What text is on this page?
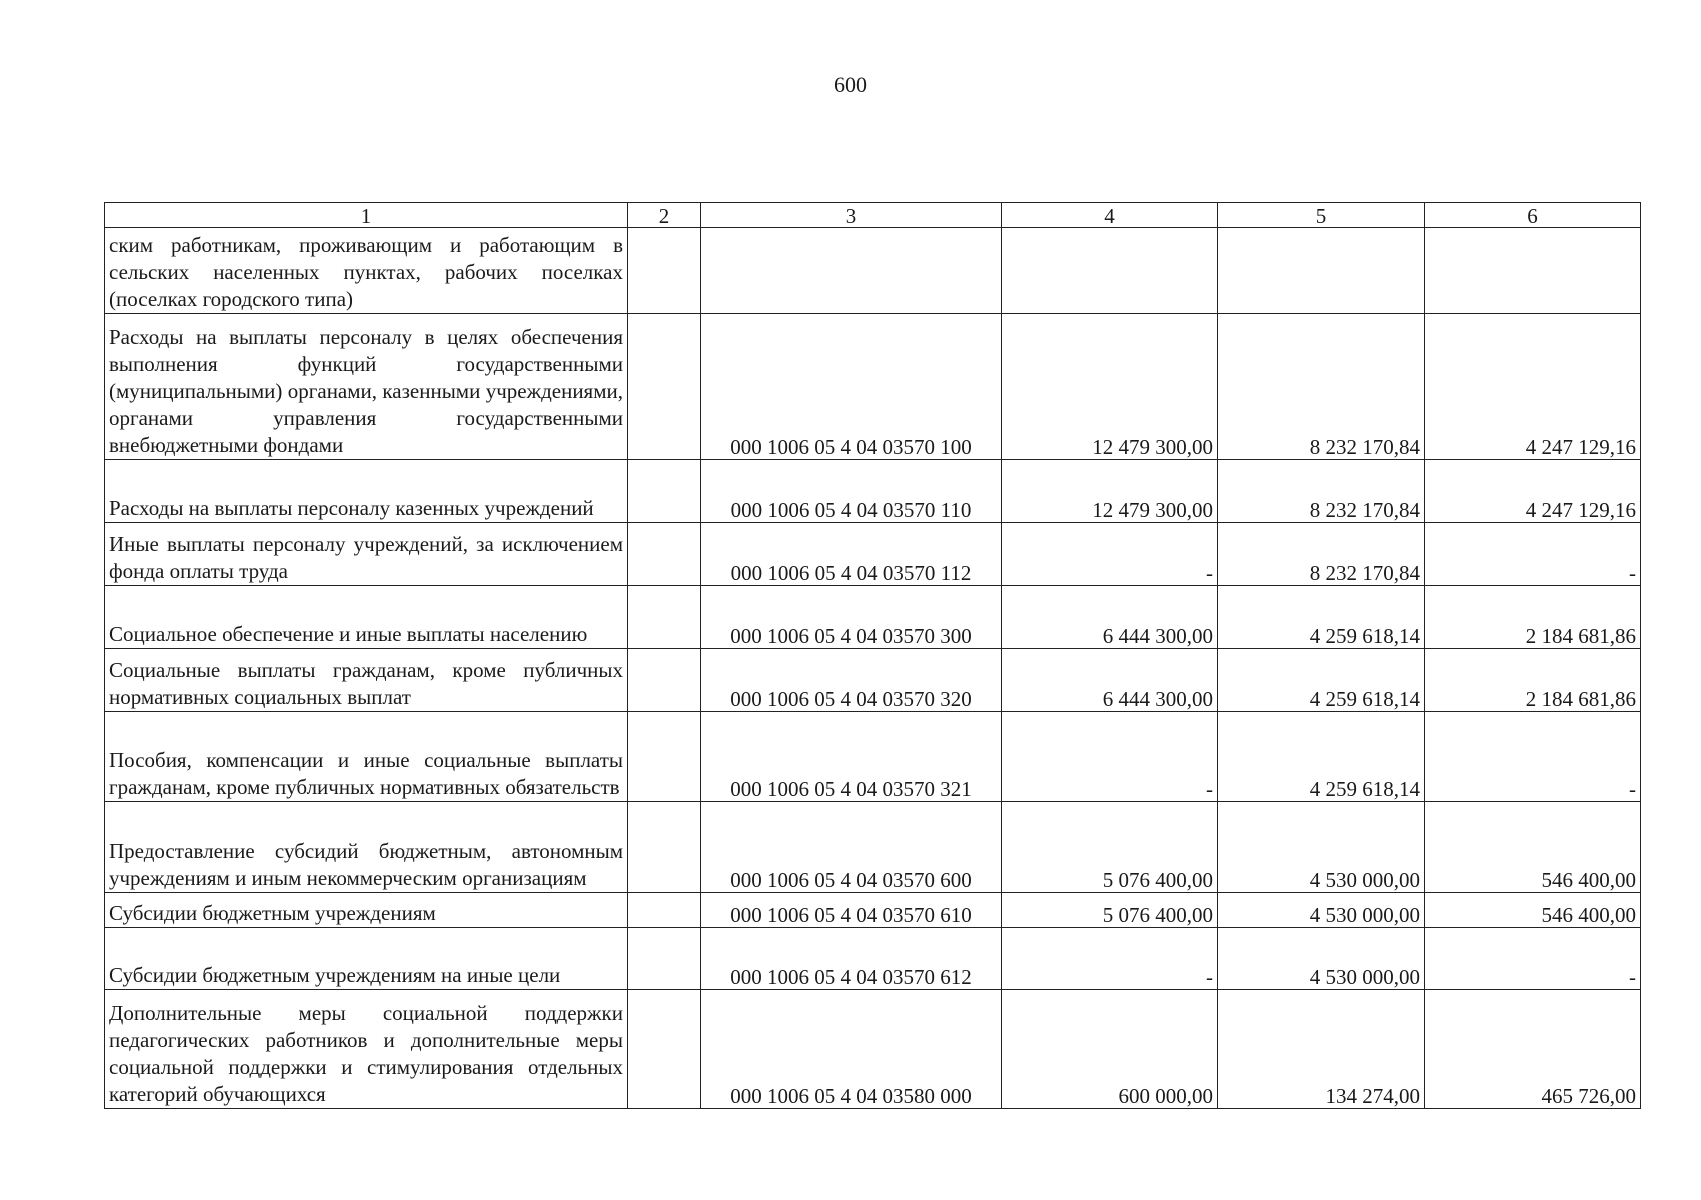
600
1	2	3	4	5	6
ским работникам, проживающим и работающим в сельских населенных пунктах, рабочих поселках (поселках городского типа)					
Расходы на выплаты персоналу в целях обеспечения выполнения функций государственными (муниципальными) органами, казенными учреждениями, органами управления государственными внебюджетными фондами		000 1006 05 4 04 03570 100	12 479 300,00	8 232 170,84	4 247 129,16
Расходы на выплаты персоналу казенных учреждений		000 1006 05 4 04 03570 110	12 479 300,00	8 232 170,84	4 247 129,16
Иные выплаты персоналу учреждений, за исключением фонда оплаты труда		000 1006 05 4 04 03570 112	-	8 232 170,84	-
Социальное обеспечение и иные выплаты населению		000 1006 05 4 04 03570 300	6 444 300,00	4 259 618,14	2 184 681,86
Социальные выплаты гражданам, кроме публичных нормативных социальных выплат		000 1006 05 4 04 03570 320	6 444 300,00	4 259 618,14	2 184 681,86
Пособия, компенсации и иные социальные выплаты гражданам, кроме публичных нормативных обязательств		000 1006 05 4 04 03570 321	-	4 259 618,14	-
Предоставление субсидий бюджетным, автономным учреждениям и иным некоммерческим организациям		000 1006 05 4 04 03570 600	5 076 400,00	4 530 000,00	546 400,00
Субсидии бюджетным учреждениям		000 1006 05 4 04 03570 610	5 076 400,00	4 530 000,00	546 400,00
Субсидии бюджетным учреждениям на иные цели		000 1006 05 4 04 03570 612	-	4 530 000,00	-
Дополнительные меры социальной поддержки педагогических работников и дополнительные меры социальной поддержки и стимулирования отдельных категорий обучающихся		000 1006 05 4 04 03580 000	600 000,00	134 274,00	465 726,00
